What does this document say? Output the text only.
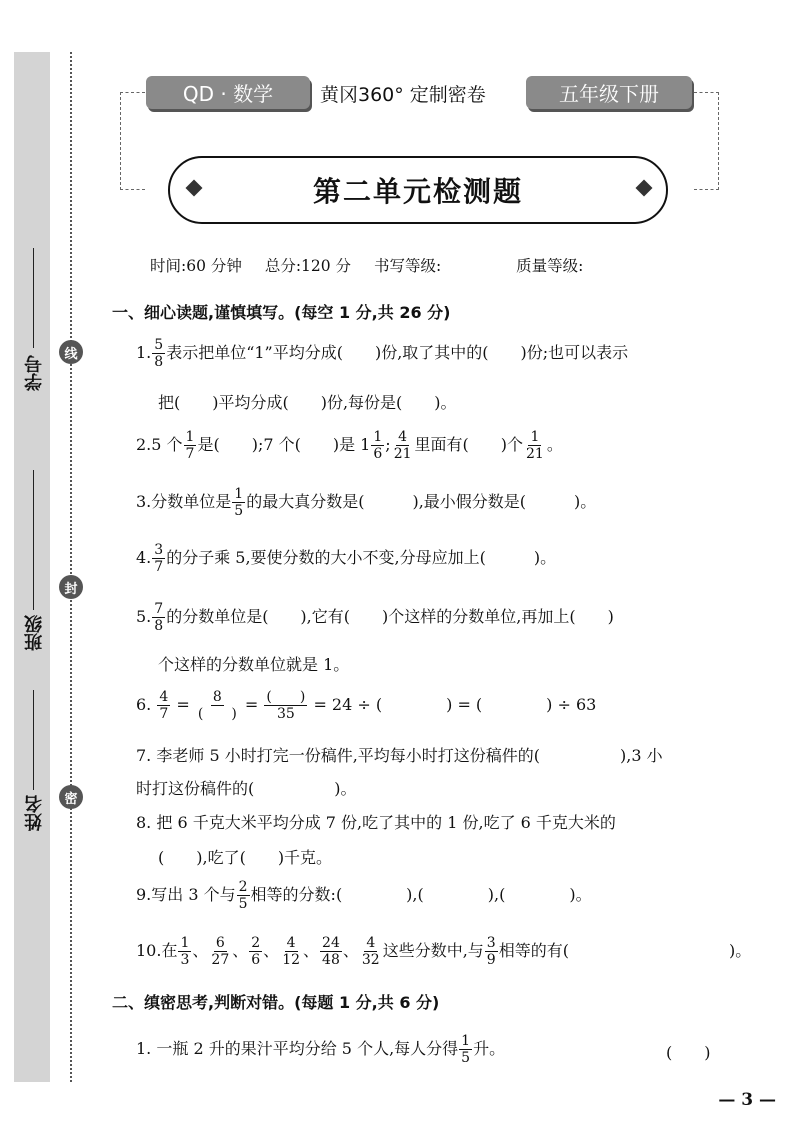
学号
班级
姓名
线
封
密
QD · 数学	黄冈360° 定制密卷	五年级下册
第二单元检测题
时间:60 分钟 总分:120 分 书写等级:	质量等级:
一、细心读题,谨慎填写。(每空 1 分,共 26 分)
1. $\frac{5}{8}$ 表示把单位“1”平均分成(　　)份,取了其中的(　　)份;也可以表示
把(　　)平均分成(　　)份,每份是(　　)。
2.5 个 $\frac{1}{7}$ 是(　　);7 个(　　)是 $1 \frac{1}{6}$ ; $\frac{4}{21}$ 里面有(　　)个 $\frac{1}{21}$ 。
3.分数单位是 $\frac{1}{5}$ 的最大真分数是(　　　),最小假分数是(　　　)。
4. $\frac{3}{7}$ 的分子乘 5,要使分数的大小不变,分母应加上(　　　)。
5. $\frac{7}{8}$ 的分数单位是(　　),它有(　　)个这样的分数单位,再加上(　　)
个这样的分数单位就是 1。
6. $\frac{4}{7} = \frac{8}{( )} = \frac{( )}{35} = 24$ ÷ (　　　　) = (　　　　) ÷ 63
7. 李老师 5 小时打完一份稿件,平均每小时打这份稿件的(　　　　　),3 小
时打这份稿件的(　　　　　)。
8. 把 6 千克大米平均分成 7 份,吃了其中的 1 份,吃了 6 千克大米的
(　　),吃了(　　)千克。
9.写出 3 个与 $\frac{2}{5}$ 相等的分数:(　　　　),(　　　　),(　　　　)。
10.在 $\frac{1}{3}$ 、 $\frac{6}{27}$ 、 $\frac{2}{6}$ 、 $\frac{4}{12}$ 、 $\frac{24}{48}$ 、 $\frac{4}{32}$ 这些分数中,与 $\frac{3}{9}$ 相等的有(　　　　　　　　　　)。
二、缜密思考,判断对错。(每题 1 分,共 6 分)
1. 一瓶 2 升的果汁平均分给 5 个人,每人分得 $\frac{1}{5}$ 升。	(　　)
— 3 —
